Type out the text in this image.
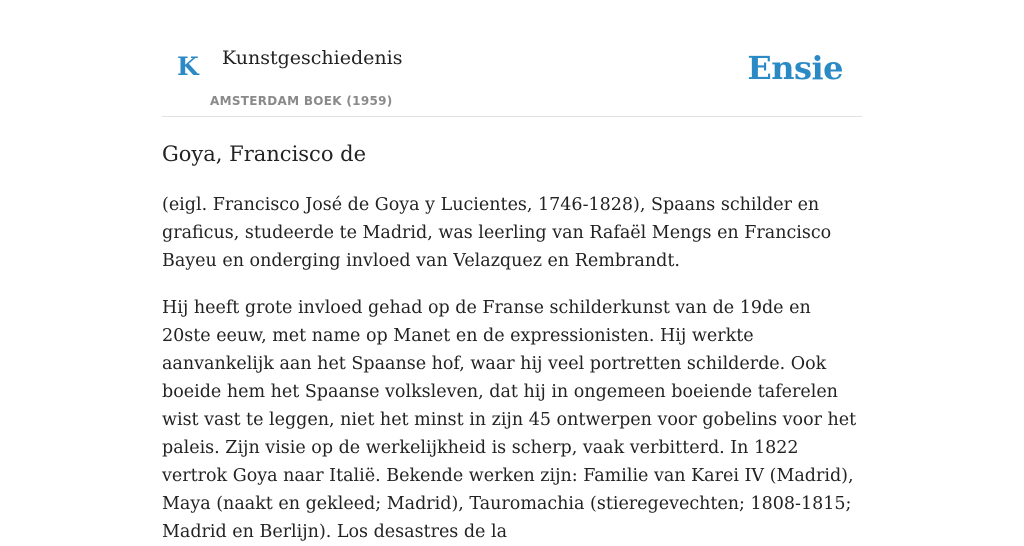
K Kunstgeschiedenis
AMSTERDAM BOEK (1959)
Ensie
Goya, Francisco de

(eigl. Francisco José de Goya y Lucientes, 1746-1828), Spaans schilder en graficus, studeerde te Madrid, was leerling van Rafaël Mengs en Francisco Bayeu en onderging invloed van Velazquez en Rembrandt.

Hij heeft grote invloed gehad op de Franse schilderkunst van de 19de en 20ste eeuw, met name op Manet en de expressionisten. Hij werkte aanvankelijk aan het Spaanse hof, waar hij veel portretten schilderde. Ook boeide hem het Spaanse volksleven, dat hij in ongemeen boeiende taferelen wist vast te leggen, niet het minst in zijn 45 ontwerpen voor gobelins voor het paleis. Zijn visie op de werkelijkheid is scherp, vaak verbitterd. In 1822 vertrok Goya naar Italië. Bekende werken zijn: Familie van Karei IV (Madrid), Maya (naakt en gekleed; Madrid), Tauromachia (stieregevechten; 1808-1815; Madrid en Berlijn). Los desastres de la
